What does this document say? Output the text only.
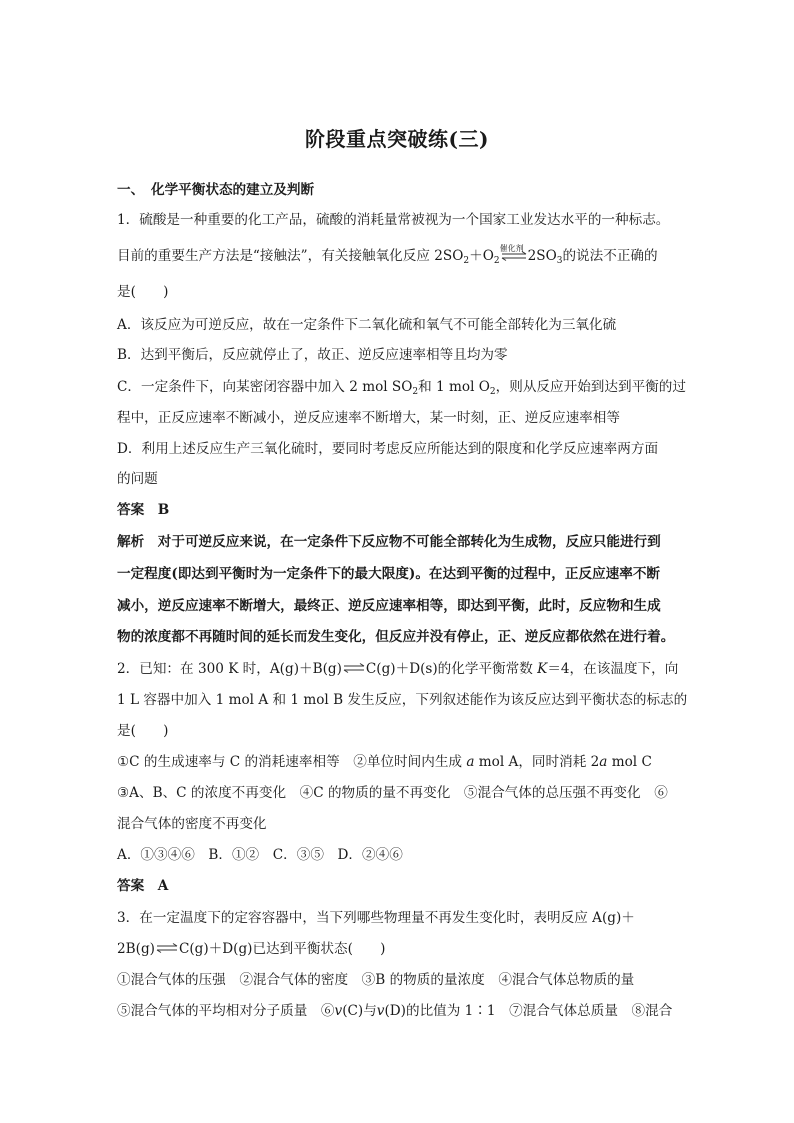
阶段重点突破练(三)
一、　化学平衡状态的建立及判断
1．硫酸是一种重要的化工产品，硫酸的消耗量常被视为一个国家工业发达水平的一种标志。
目前的重要生产方法是“接触法”，有关接触氧化反应 $2SO_2+O_2$
催化剂 $2SO_3$的说法不正确的
是(　　)
A．该反应为可逆反应，故在一定条件下二氧化硫和氧气不可能全部转化为三氧化硫
B．达到平衡后，反应就停止了，故正、逆反应速率相等且均为零
C．一定条件下，向某密闭容器中加入 2 mol $SO_2$和 1 mol $O_2$，则从反应开始到达到平衡的过
程中，正反应速率不断减小，逆反应速率不断增大，某一时刻，正、逆反应速率相等
D．利用上述反应生产三氧化硫时，要同时考虑反应所能达到的限度和化学反应速率两方面
的问题
答案　B
解析　对于可逆反应来说，在一定条件下反应物不可能全部转化为生成物，反应只能进行到
一定程度(即达到平衡时为一定条件下的最大限度)。在达到平衡的过程中，正反应速率不断
减小，逆反应速率不断增大，最终正、逆反应速率相等，即达到平衡，此时，反应物和生成
物的浓度都不再随时间的延长而发生变化，但反应并没有停止，正、逆反应都依然在进行着。
2．已知：在 300 K 时，A(g)＋B(g)⇌C(g)＋D(s)的化学平衡常数 K＝4，在该温度下，向
1 L 容器中加入 1 mol A 和 1 mol B 发生反应，下列叙述能作为该反应达到平衡状态的标志的
是(　　)
①C 的生成速率与 C 的消耗速率相等　②单位时间内生成 a mol A，同时消耗 2a mol C
③A、B、C 的浓度不再变化　④C 的物质的量不再变化　⑤混合气体的总压强不再变化　⑥
混合气体的密度不再变化
A．①③④⑥　B．①②　C．③⑤　D．②④⑥
答案　A
3．在一定温度下的定容容器中，当下列哪些物理量不再发生变化时，表明反应 A(g)＋
2B(g)⇌C(g)＋D(g)已达到平衡状态(　　)
①混合气体的压强　②混合气体的密度　③B 的物质的量浓度　④混合气体总物质的量
⑤混合气体的平均相对分子质量　⑥v(C)与v(D)的比值为 1∶1　⑦混合气体总质量　⑧混合
